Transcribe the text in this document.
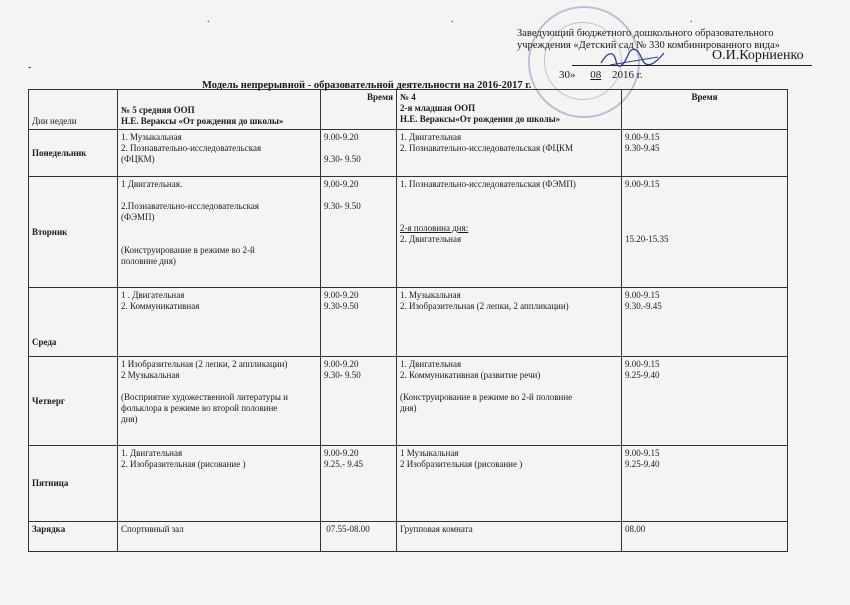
.	.	.
Заведующий бюджетного дошкольного образовательного
учреждения «Детский сад № 330 комбинированного вида»
О.И.Корниенко
30» 08 2016 г.
-
Модель непрерывной - образовательной деятельности на 2016-2017 г.
Дни недели	№ 5 средняя ООП
Н.Е. Вераксы «От рождения до школы»	Время	№ 4
2-я младшая ООП
Н.Е. Вераксы«От рождения до школы»	Время
Понедельник	1. Музыкальная
2. Познавательно-исследовательская
(ФЦКМ)	9.00-9.20
9.30- 9.50	1. Двигательная
2. Познавательно-исследовательская (ФЦКМ	9.00-9.15
9.30-9.45

Вторник	1 Двигательная.
2.Познавательно-исследовательская
(ФЭМП)
(Конструирование в режиме во 2-й
половине дня)	9.00-9.20
9.30- 9.50	1. Познавательно-исследовательская (ФЭМП)
2-я половина дня:
2. Двигательная	9.00-9.15
15.20-15.35

Среда	1 . Двигательная
2. Коммуникативная	9.00-9.20
9.30-9.50	1. Музыкальная
2. Изобразительная (2 лепки, 2 аппликации)	9.00-9.15
9.30.-9.45

Четверг	1 Изобразительная (2 лепки, 2 аппликации)
2 Музыкальная
(Восприятие художественной литературы и
фольклора в режиме во второй половине
дня)	9.00-9.20
9.30- 9.50	1. Двигательная
2. Коммуникативная (развитие речи)
(Конструирование в режиме во 2-й половине
дня)	9.00-9.15
9.25-9.40

Пятница	1. Двигательная
2. Изобразительная (рисование )	9.00-9.20
9.25.- 9.45	1 Музыкальная
2 Изобразительная (рисование )	9.00-9.15
9.25-9.40

Зарядка	Спортивный зал	07.55-08.00	Групповая комната	08.00
